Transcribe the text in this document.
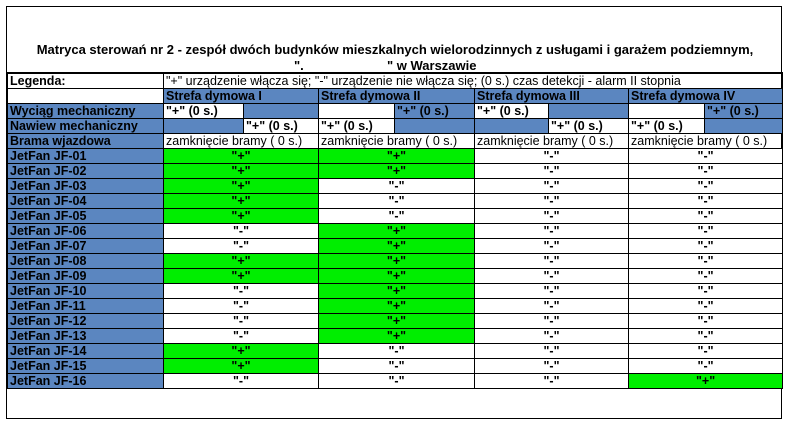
Matryca sterowań nr 2 - zespół dwóch budynków mieszkalnych wielorodzinnych z usługami i garażem podziemnym,
".	" w Warszawie
Legenda:	"+" urządzenie włącza się; "-" urządzenie nie włącza się; (0 s.) czas detekcji - alarm II stopnia							
	Strefa dymowa I		Strefa dymowa II		Strefa dymowa III		Strefa dymowa IV	
Wyciąg mechaniczny	"+" (0 s.)			"+" (0 s.)	"+" (0 s.)			"+" (0 s.)
Nawiew mechaniczny		"+" (0 s.)	"+" (0 s.)			"+" (0 s.)	"+" (0 s.)	
Brama wjazdowa	zamknięcie bramy ( 0 s.)		zamknięcie bramy ( 0 s.)		zamknięcie bramy ( 0 s.)		zamknięcie bramy ( 0 s.)	
JetFan JF-01	"+"		"+"		"-"		"-"	
JetFan JF-02	"+"		"+"		"-"		"-"	
JetFan JF-03	"+"		"-"		"-"		"-"	
JetFan JF-04	"+"		"-"		"-"		"-"	
JetFan JF-05	"+"		"-"		"-"		"-"	
JetFan JF-06	"-"		"+"		"-"		"-"	
JetFan JF-07	"-"		"+"		"-"		"-"	
JetFan JF-08	"+"		"+"		"-"		"-"	
JetFan JF-09	"+"		"+"		"-"		"-"	
JetFan JF-10	"-"		"+"		"-"		"-"	
JetFan JF-11	"-"		"+"		"-"		"-"	
JetFan JF-12	"-"		"+"		"-"		"-"	
JetFan JF-13	"-"		"+"		"-"		"-"	
JetFan JF-14	"+"		"-"		"-"		"-"	
JetFan JF-15	"+"		"-"		"-"		"-"	
JetFan JF-16	"-"		"-"		"-"		"+"	
